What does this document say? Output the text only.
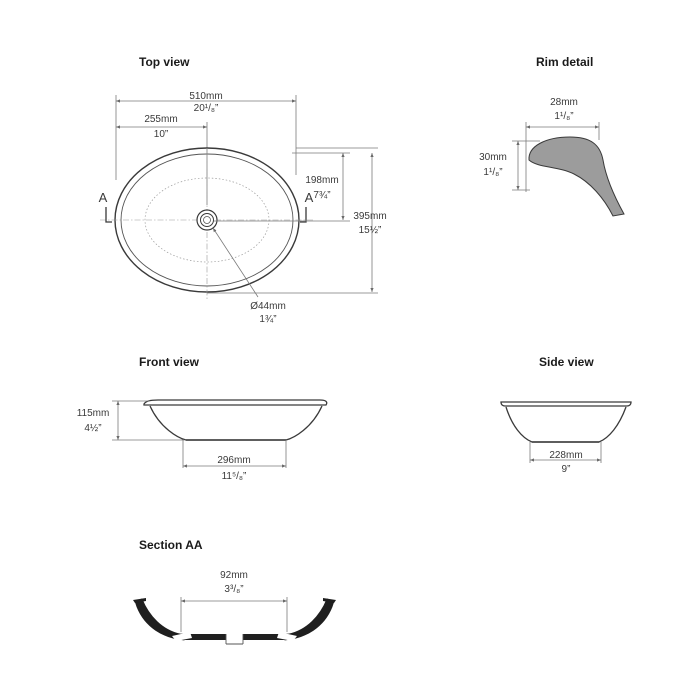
Top view
510mm
20¹/₈”
255mm
10”
Ø44mm
1¾”
A	A
198mm
7¾”
395mm
15½”
Rim detail
28mm
1¹/₈”
30mm
1¹/₈”
Front view
115mm
4½”
296mm
11⁵/₈”
Side view
228mm
9”
Section AA
92mm
3³/₈”
